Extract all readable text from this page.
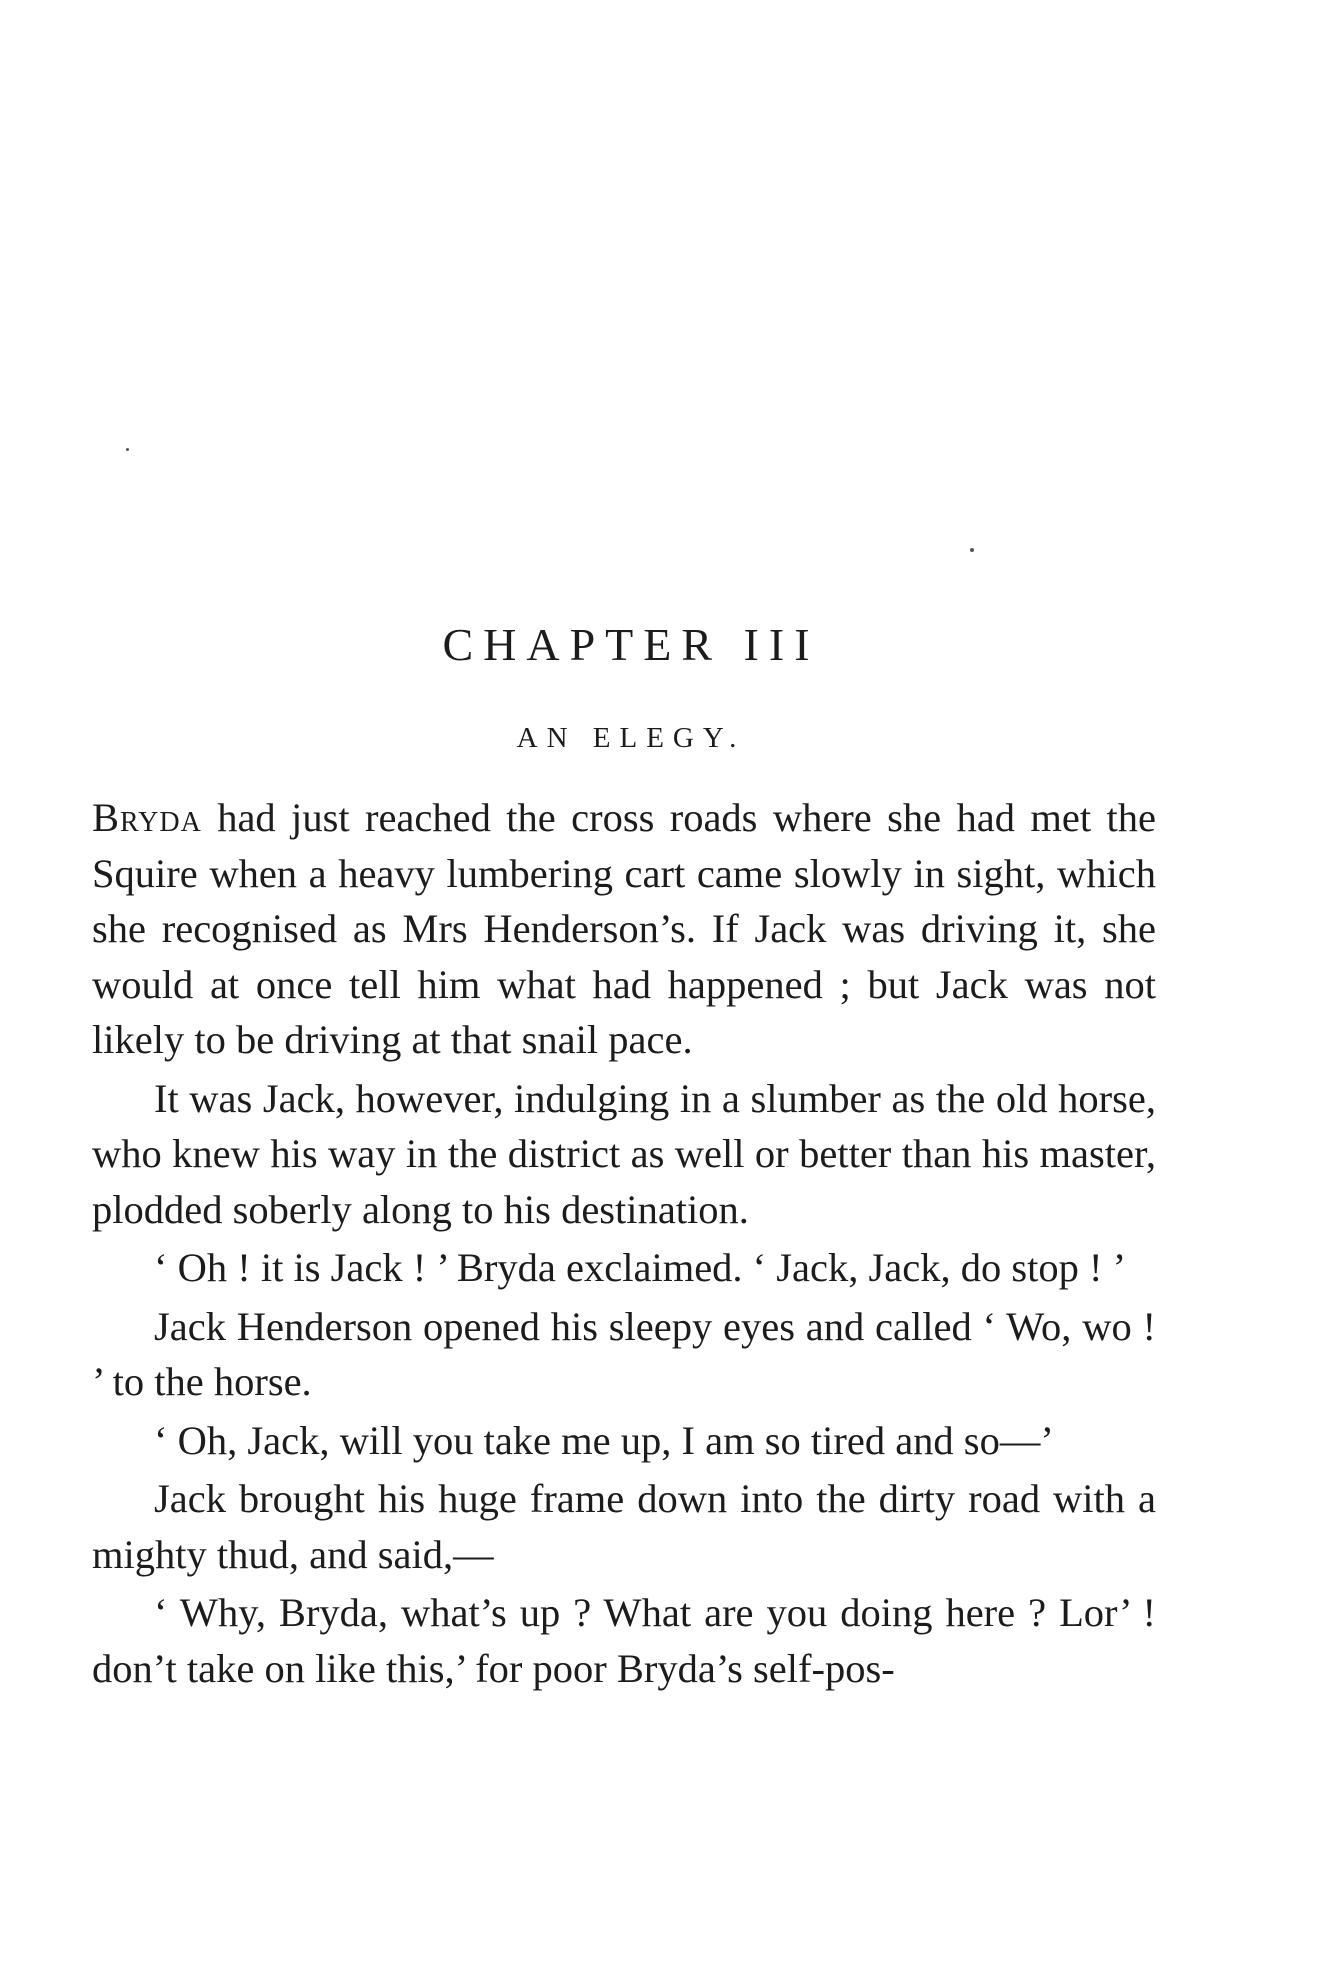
CHAPTER III
AN ELEGY.

Bryda had just reached the cross roads where she had met the Squire when a heavy lumbering cart came slowly in sight, which she recognised as Mrs Henderson’s. If Jack was driving it, she would at once tell him what had happened ; but Jack was not likely to be driving at that snail pace.

It was Jack, however, indulging in a slumber as the old horse, who knew his way in the district as well or better than his master, plodded soberly along to his destination.

‘ Oh ! it is Jack ! ’ Bryda exclaimed. ‘ Jack, Jack, do stop ! ’

Jack Henderson opened his sleepy eyes and called ‘ Wo, wo ! ’ to the horse.

‘ Oh, Jack, will you take me up, I am so tired and so—’

Jack brought his huge frame down into the dirty road with a mighty thud, and said,—

‘ Why, Bryda, what’s up ? What are you doing here ? Lor’ ! don’t take on like this,’ for poor Bryda’s self-pos-
